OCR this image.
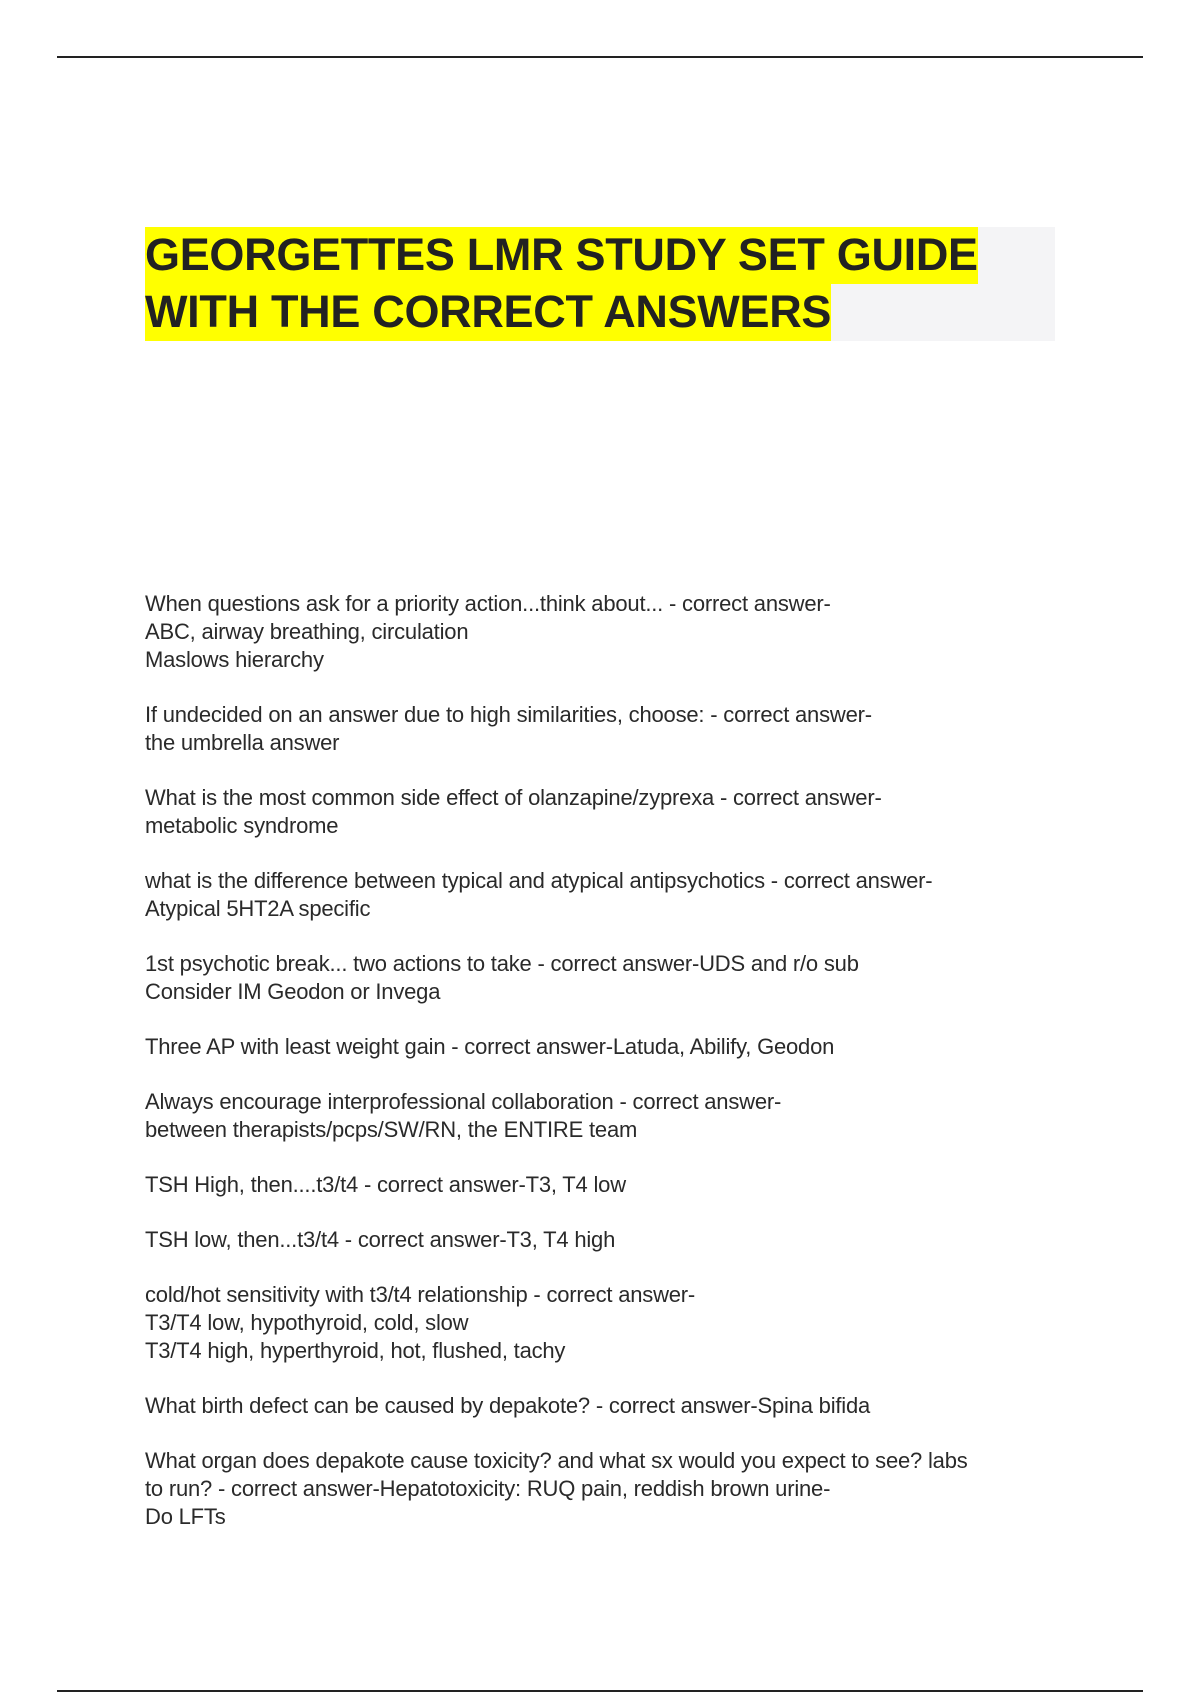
GEORGETTES LMR STUDY SET GUIDE WITH THE CORRECT ANSWERS

When questions ask for a priority action...think about... - correct answer-
ABC, airway breathing, circulation
Maslows hierarchy

If undecided on an answer due to high similarities, choose: - correct answer-
the umbrella answer

What is the most common side effect of olanzapine/zyprexa - correct answer-
metabolic syndrome

what is the difference between typical and atypical antipsychotics - correct answer-
Atypical 5HT2A specific

1st psychotic break... two actions to take - correct answer-UDS and r/o sub
Consider IM Geodon or Invega

Three AP with least weight gain - correct answer-Latuda, Abilify, Geodon

Always encourage interprofessional collaboration - correct answer-
between therapists/pcps/SW/RN, the ENTIRE team

TSH High, then....t3/t4 - correct answer-T3, T4 low

TSH low, then...t3/t4 - correct answer-T3, T4 high

cold/hot sensitivity with t3/t4 relationship - correct answer-
T3/T4 low, hypothyroid, cold, slow
T3/T4 high, hyperthyroid, hot, flushed, tachy

What birth defect can be caused by depakote? - correct answer-Spina bifida

What organ does depakote cause toxicity? and what sx would you expect to see? labs
to run? - correct answer-Hepatotoxicity: RUQ pain, reddish brown urine-
Do LFTs
